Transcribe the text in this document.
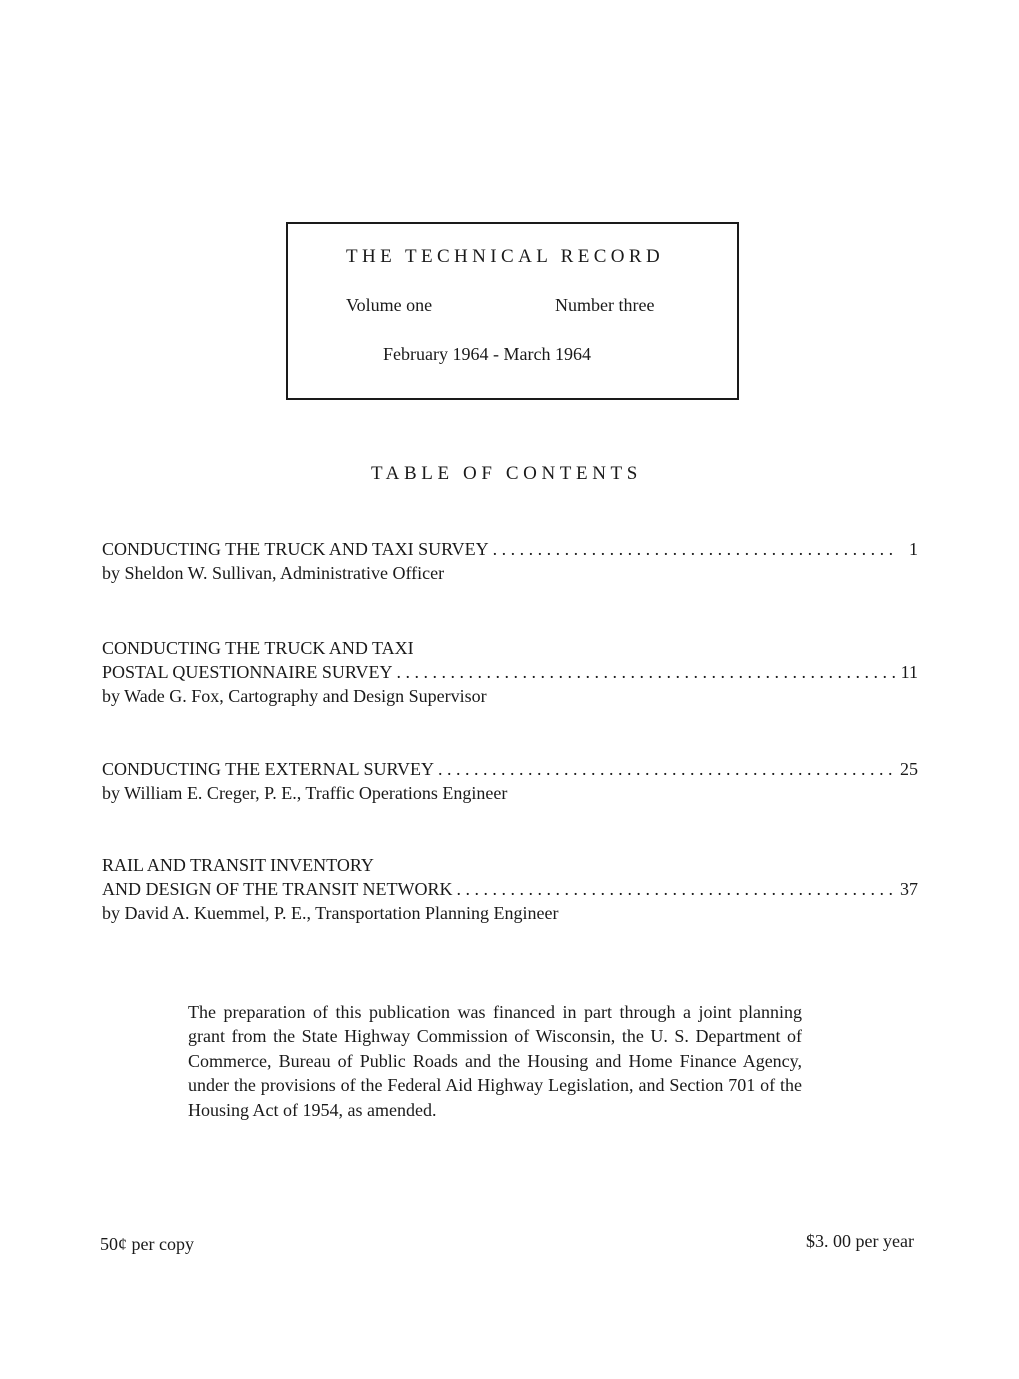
THE TECHNICAL RECORD
Volume one	Number three
February 1964 - March 1964
TABLE OF CONTENTS
CONDUCTING THE TRUCK AND TAXI SURVEY . . .	1
by Sheldon W. Sullivan, Administrative Officer
CONDUCTING THE TRUCK AND TAXI
POSTAL QUESTIONNAIRE SURVEY . . .	11
by Wade G. Fox, Cartography and Design Supervisor
CONDUCTING THE EXTERNAL SURVEY . . .	25
by William E. Creger, P. E., Traffic Operations Engineer
RAIL AND TRANSIT INVENTORY
AND DESIGN OF THE TRANSIT NETWORK . . .	37
by David A. Kuemmel, P. E., Transportation Planning Engineer
The preparation of this publication was financed in part through a joint planning grant from the State Highway Commission of Wisconsin, the U. S. Department of Commerce, Bureau of Public Roads and the Housing and Home Finance Agency, under the provisions of the Federal Aid Highway Legislation, and Section 701 of the Housing Act of 1954, as amended.
50¢ per copy	$3. 00 per year
